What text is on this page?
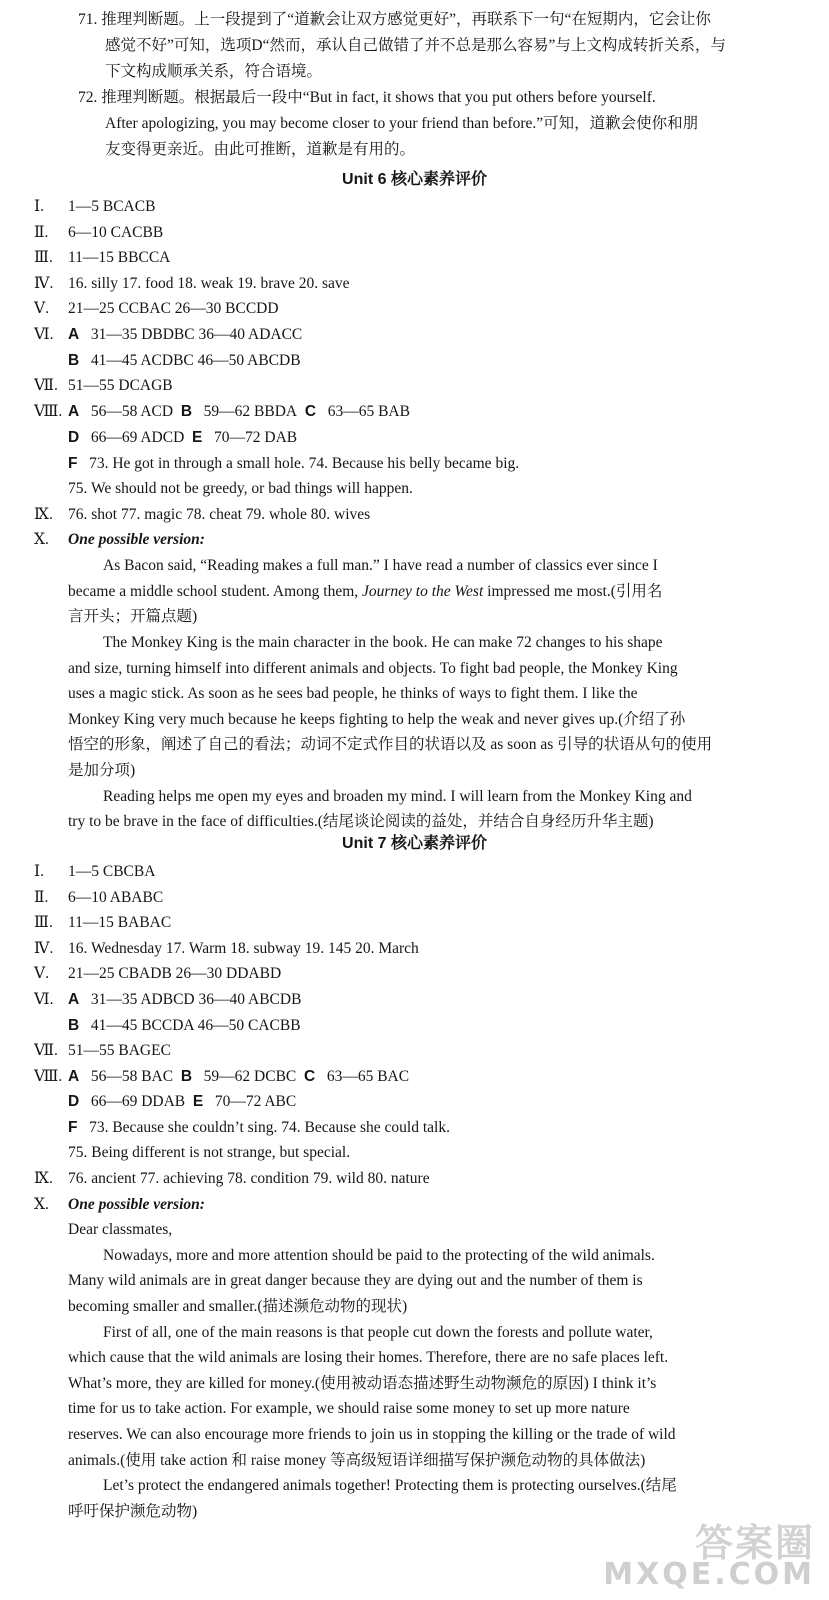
71. 推理判断题。上一段提到了“道歉会让双方感觉更好”，再联系下一句“在短期内，它会让你
感觉不好”可知，选项D“然而，承认自己做错了并不总是那么容易”与上文构成转折关系，与
下文构成顺承关系，符合语境。
72. 推理判断题。根据最后一段中“But in fact, it shows that you put others before yourself.
After apologizing, you may become closer to your friend than before.”可知，道歉会使你和朋
友变得更亲近。由此可推断，道歉是有用的。
Unit 6 核心素养评价
Ⅰ. 1—5 BCACB
Ⅱ. 6—10 CACBB
Ⅲ. 11—15 BBCCA
Ⅳ. 16. silly 17. food 18. weak 19. brave 20. save
Ⅴ. 21—25 CCBAC 26—30 BCCDD
Ⅵ. A 31—35 DBDBC 36—40 ADACC
B 41—45 ACDBC 46—50 ABCDB
Ⅶ. 51—55 DCAGB
Ⅷ. A 56—58 ACD B 59—62 BBDA C 63—65 BAB
D 66—69 ADCD E 70—72 DAB
F 73. He got in through a small hole. 74. Because his belly became big.
75. We should not be greedy, or bad things will happen.
Ⅸ. 76. shot 77. magic 78. cheat 79. whole 80. wives
Ⅹ. One possible version:
As Bacon said, “Reading makes a full man.” I have read a number of classics ever since I
became a middle school student. Among them, Journey to the West impressed me most.(引用名
言开头；开篇点题)
The Monkey King is the main character in the book. He can make 72 changes to his shape
and size, turning himself into different animals and objects. To fight bad people, the Monkey King
uses a magic stick. As soon as he sees bad people, he thinks of ways to fight them. I like the
Monkey King very much because he keeps fighting to help the weak and never gives up.(介绍了孙
悟空的形象，阐述了自己的看法；动词不定式作目的状语以及 as soon as 引导的状语从句的使用
是加分项)
Reading helps me open my eyes and broaden my mind. I will learn from the Monkey King and
try to be brave in the face of difficulties.(结尾谈论阅读的益处，并结合自身经历升华主题)
Unit 7 核心素养评价
Ⅰ. 1—5 CBCBA
Ⅱ. 6—10 ABABC
Ⅲ. 11—15 BABAC
Ⅳ. 16. Wednesday 17. Warm 18. subway 19. 145 20. March
Ⅴ. 21—25 CBADB 26—30 DDABD
Ⅵ. A 31—35 ADBCD 36—40 ABCDB
B 41—45 BCCDA 46—50 CACBB
Ⅶ. 51—55 BAGEC
Ⅷ. A 56—58 BAC B 59—62 DCBC C 63—65 BAC
D 66—69 DDAB E 70—72 ABC
F 73. Because she couldn’t sing. 74. Because she could talk.
75. Being different is not strange, but special.
Ⅸ. 76. ancient 77. achieving 78. condition 79. wild 80. nature
Ⅹ. One possible version:
Dear classmates,
Nowadays, more and more attention should be paid to the protecting of the wild animals.
Many wild animals are in great danger because they are dying out and the number of them is
becoming smaller and smaller.(描述濒危动物的现状)
First of all, one of the main reasons is that people cut down the forests and pollute water,
which cause that the wild animals are losing their homes. Therefore, there are no safe places left.
What’s more, they are killed for money.(使用被动语态描述野生动物濒危的原因) I think it’s
time for us to take action. For example, we should raise some money to set up more nature
reserves. We can also encourage more friends to join us in stopping the killing or the trade of wild
animals.(使用 take action 和 raise money 等高级短语详细描写保护濒危动物的具体做法)
Let’s protect the endangered animals together! Protecting them is protecting ourselves.(结尾
呼吁保护濒危动物)
答案圈
MXQE.COM
